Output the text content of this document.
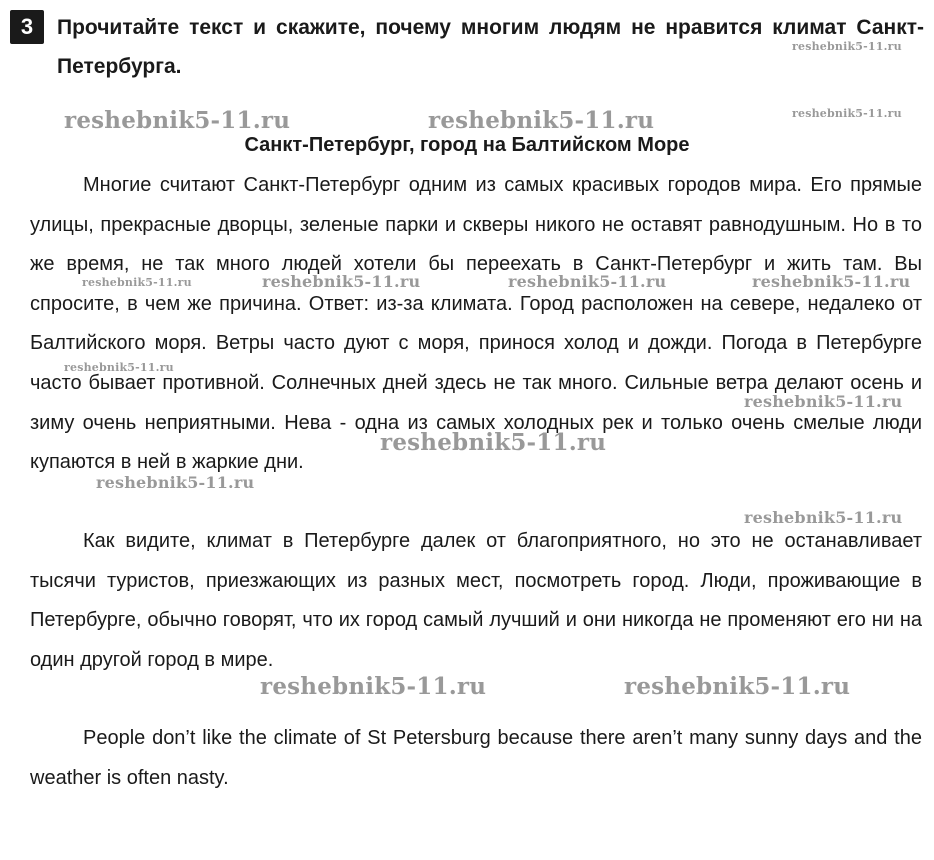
3	Прочитайте текст и скажите, почему многим людям не нравится климат Санкт-Петербурга.
Санкт-Петербург, город на Балтийском Море

Многие считают Санкт-Петербург одним из самых красивых городов мира. Его прямые улицы, прекрасные дворцы, зеленые парки и скверы никого не оставят равнодушным. Но в то же время, не так много людей хотели бы переехать в Санкт-Петербург и жить там. Вы спросите, в чем же причина. Ответ: из-за климата. Город расположен на севере, недалеко от Балтийского моря. Ветры часто дуют с моря, принося холод и дожди. Погода в Петербурге часто бывает противной. Солнечных дней здесь не так много. Сильные ветра делают осень и зиму очень неприятными. Нева - одна из самых холодных рек и только очень смелые люди купаются в ней в жаркие дни.

Как видите, климат в Петербурге далек от благоприятного, но это не останавливает тысячи туристов, приезжающих из разных мест, посмотреть город. Люди, проживающие в Петербурге, обычно говорят, что их город самый лучший и они никогда не променяют его ни на один другой город в мире.

People don’t like the climate of St Petersburg because there aren’t many sunny days and the weather is often nasty.

reshebnik5-11.ru
reshebnik5-11.ru	reshebnik5-11.ru	reshebnik5-11.ru
reshebnik5-11.ru	reshebnik5-11.ru	reshebnik5-11.ru	reshebnik5-11.ru
reshebnik5-11.ru
reshebnik5-11.ru
reshebnik5-11.ru
reshebnik5-11.ru
reshebnik5-11.ru
reshebnik5-11.ru	reshebnik5-11.ru
